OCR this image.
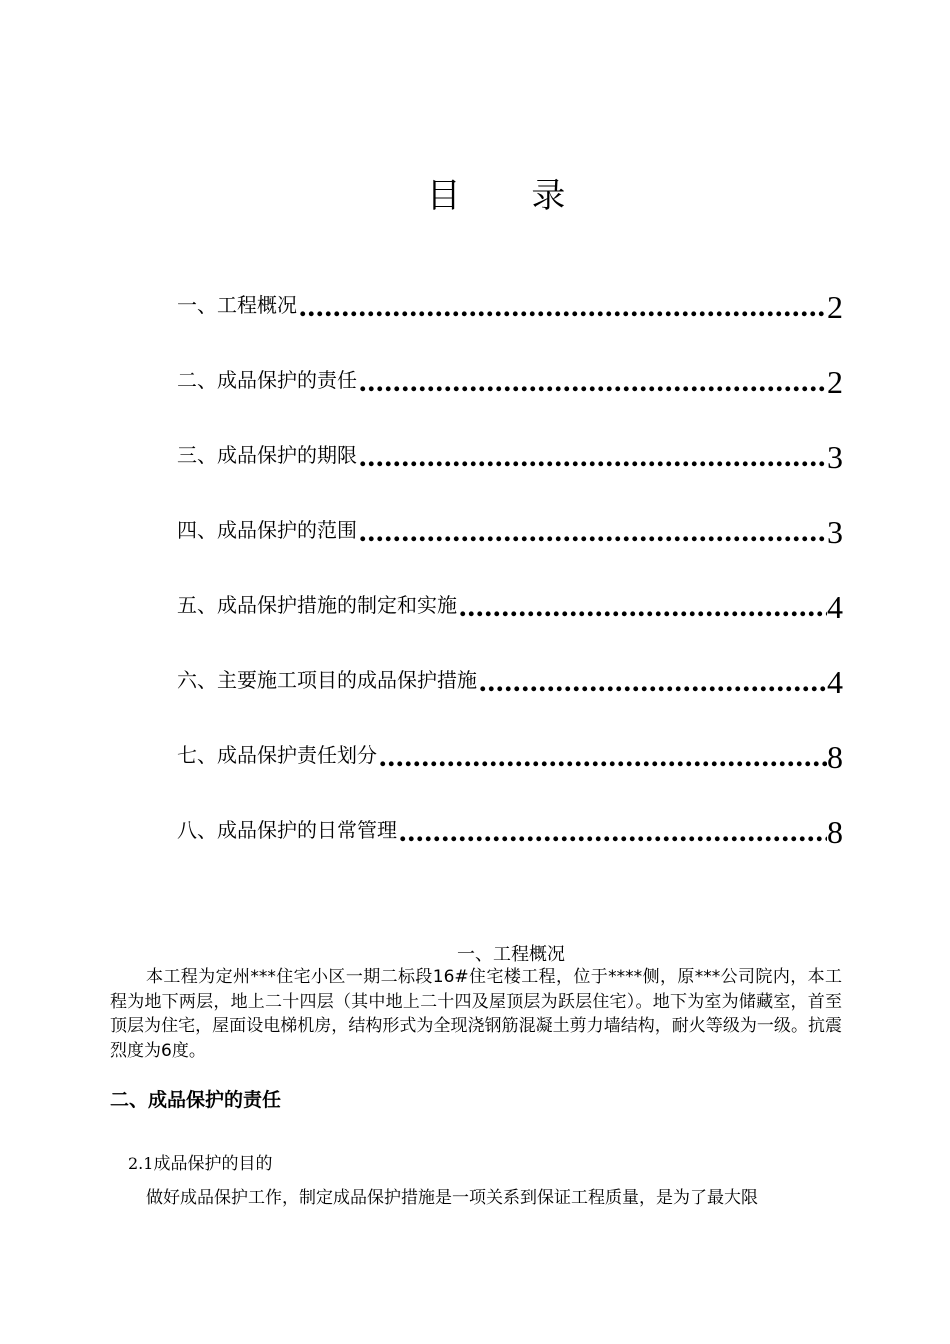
目 录
一、工程概况 .....	2
二、成品保护的责任 .....	2
三、成品保护的期限 .....	3
四、成品保护的范围 .....	3
五、成品保护措施的制定和实施 .....	4
六、主要施工项目的成品保护措施 .....	4
七、成品保护责任划分 .....	8
八、成品保护的日常管理 .....	8
一、工程概况
本工程为定州***住宅小区一期二标段16#住宅楼工程，位于****侧，原***公司院内，本工程为地下两层，地上二十四层（其中地上二十四及屋顶层为跃层住宅）。地下为室为储藏室，首至顶层为住宅，屋面设电梯机房，结构形式为全现浇钢筋混凝土剪力墙结构，耐火等级为一级。抗震烈度为6度。
二、成品保护的责任
2.1成品保护的目的
做好成品保护工作，制定成品保护措施是一项关系到保证工程质量，是为了最大限
